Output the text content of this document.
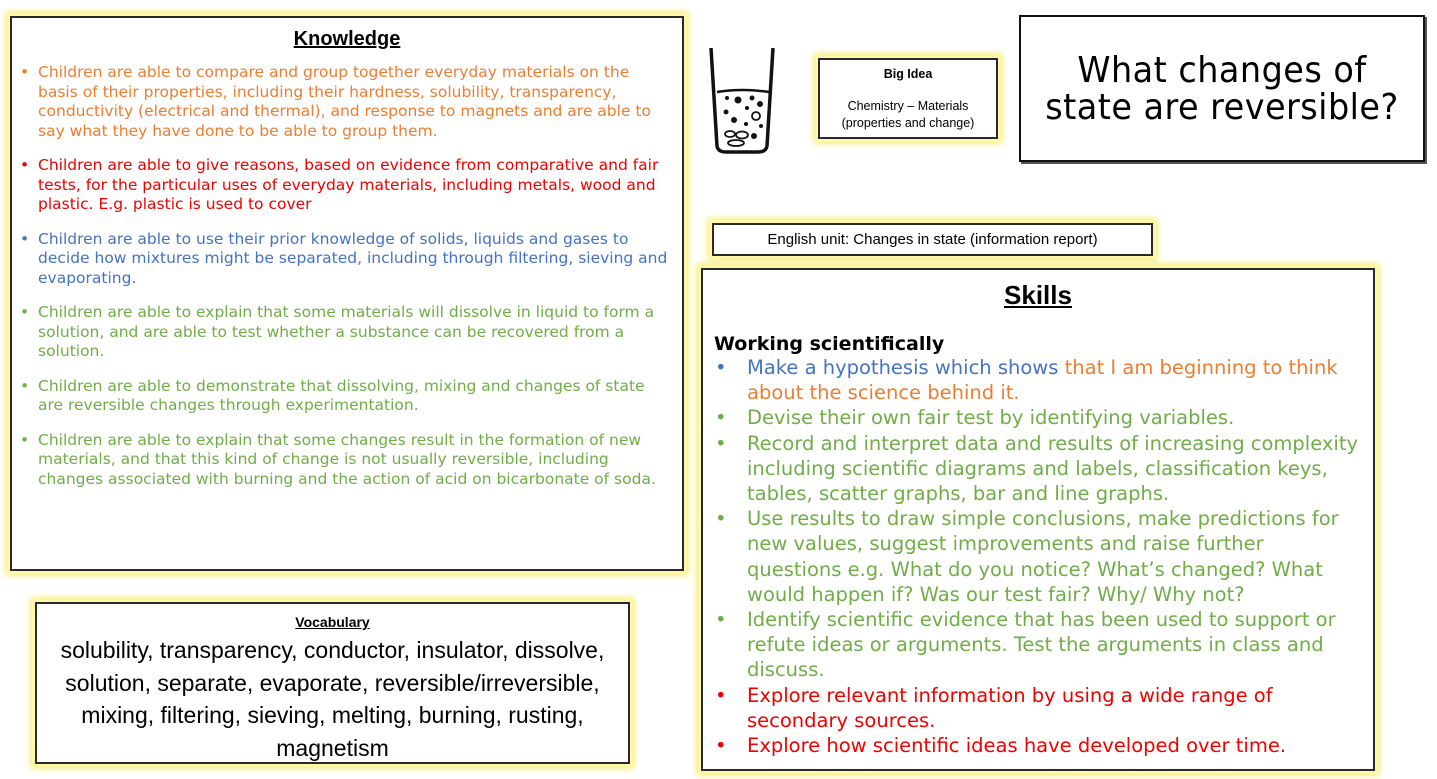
Knowledge
• Children are able to compare and group together everyday materials on the basis of their properties, including their hardness, solubility, transparency, conductivity (electrical and thermal), and response to magnets and are able to say what they have done to be able to group them.
• Children are able to give reasons, based on evidence from comparative and fair tests, for the particular uses of everyday materials, including metals, wood and plastic. E.g. plastic is used to cover
• Children are able to use their prior knowledge of solids, liquids and gases to decide how mixtures might be separated, including through filtering, sieving and evaporating.
• Children are able to explain that some materials will dissolve in liquid to form a solution, and are able to test whether a substance can be recovered from a solution.
• Children are able to demonstrate that dissolving, mixing and changes of state are reversible changes through experimentation.
• Children are able to explain that some changes result in the formation of new materials, and that this kind of change is not usually reversible, including changes associated with burning and the action of acid on bicarbonate of soda.
Vocabulary
solubility, transparency, conductor, insulator, dissolve, solution, separate, evaporate, reversible/irreversible, mixing, filtering, sieving, melting, burning, rusting, magnetism
Big Idea
Chemistry – Materials
(properties and change)
What changes of state are reversible?
English unit: Changes in state (information report)
Skills
Working scientifically
• Make a hypothesis which shows that I am beginning to think about the science behind it.
• Devise their own fair test by identifying variables.
• Record and interpret data and results of increasing complexity including scientific diagrams and labels, classification keys, tables, scatter graphs, bar and line graphs.
• Use results to draw simple conclusions, make predictions for new values, suggest improvements and raise further questions e.g. What do you notice? What’s changed? What would happen if? Was our test fair? Why/ Why not?
• Identify scientific evidence that has been used to support or refute ideas or arguments. Test the arguments in class and discuss.
• Explore relevant information by using a wide range of secondary sources.
• Explore how scientific ideas have developed over time.
